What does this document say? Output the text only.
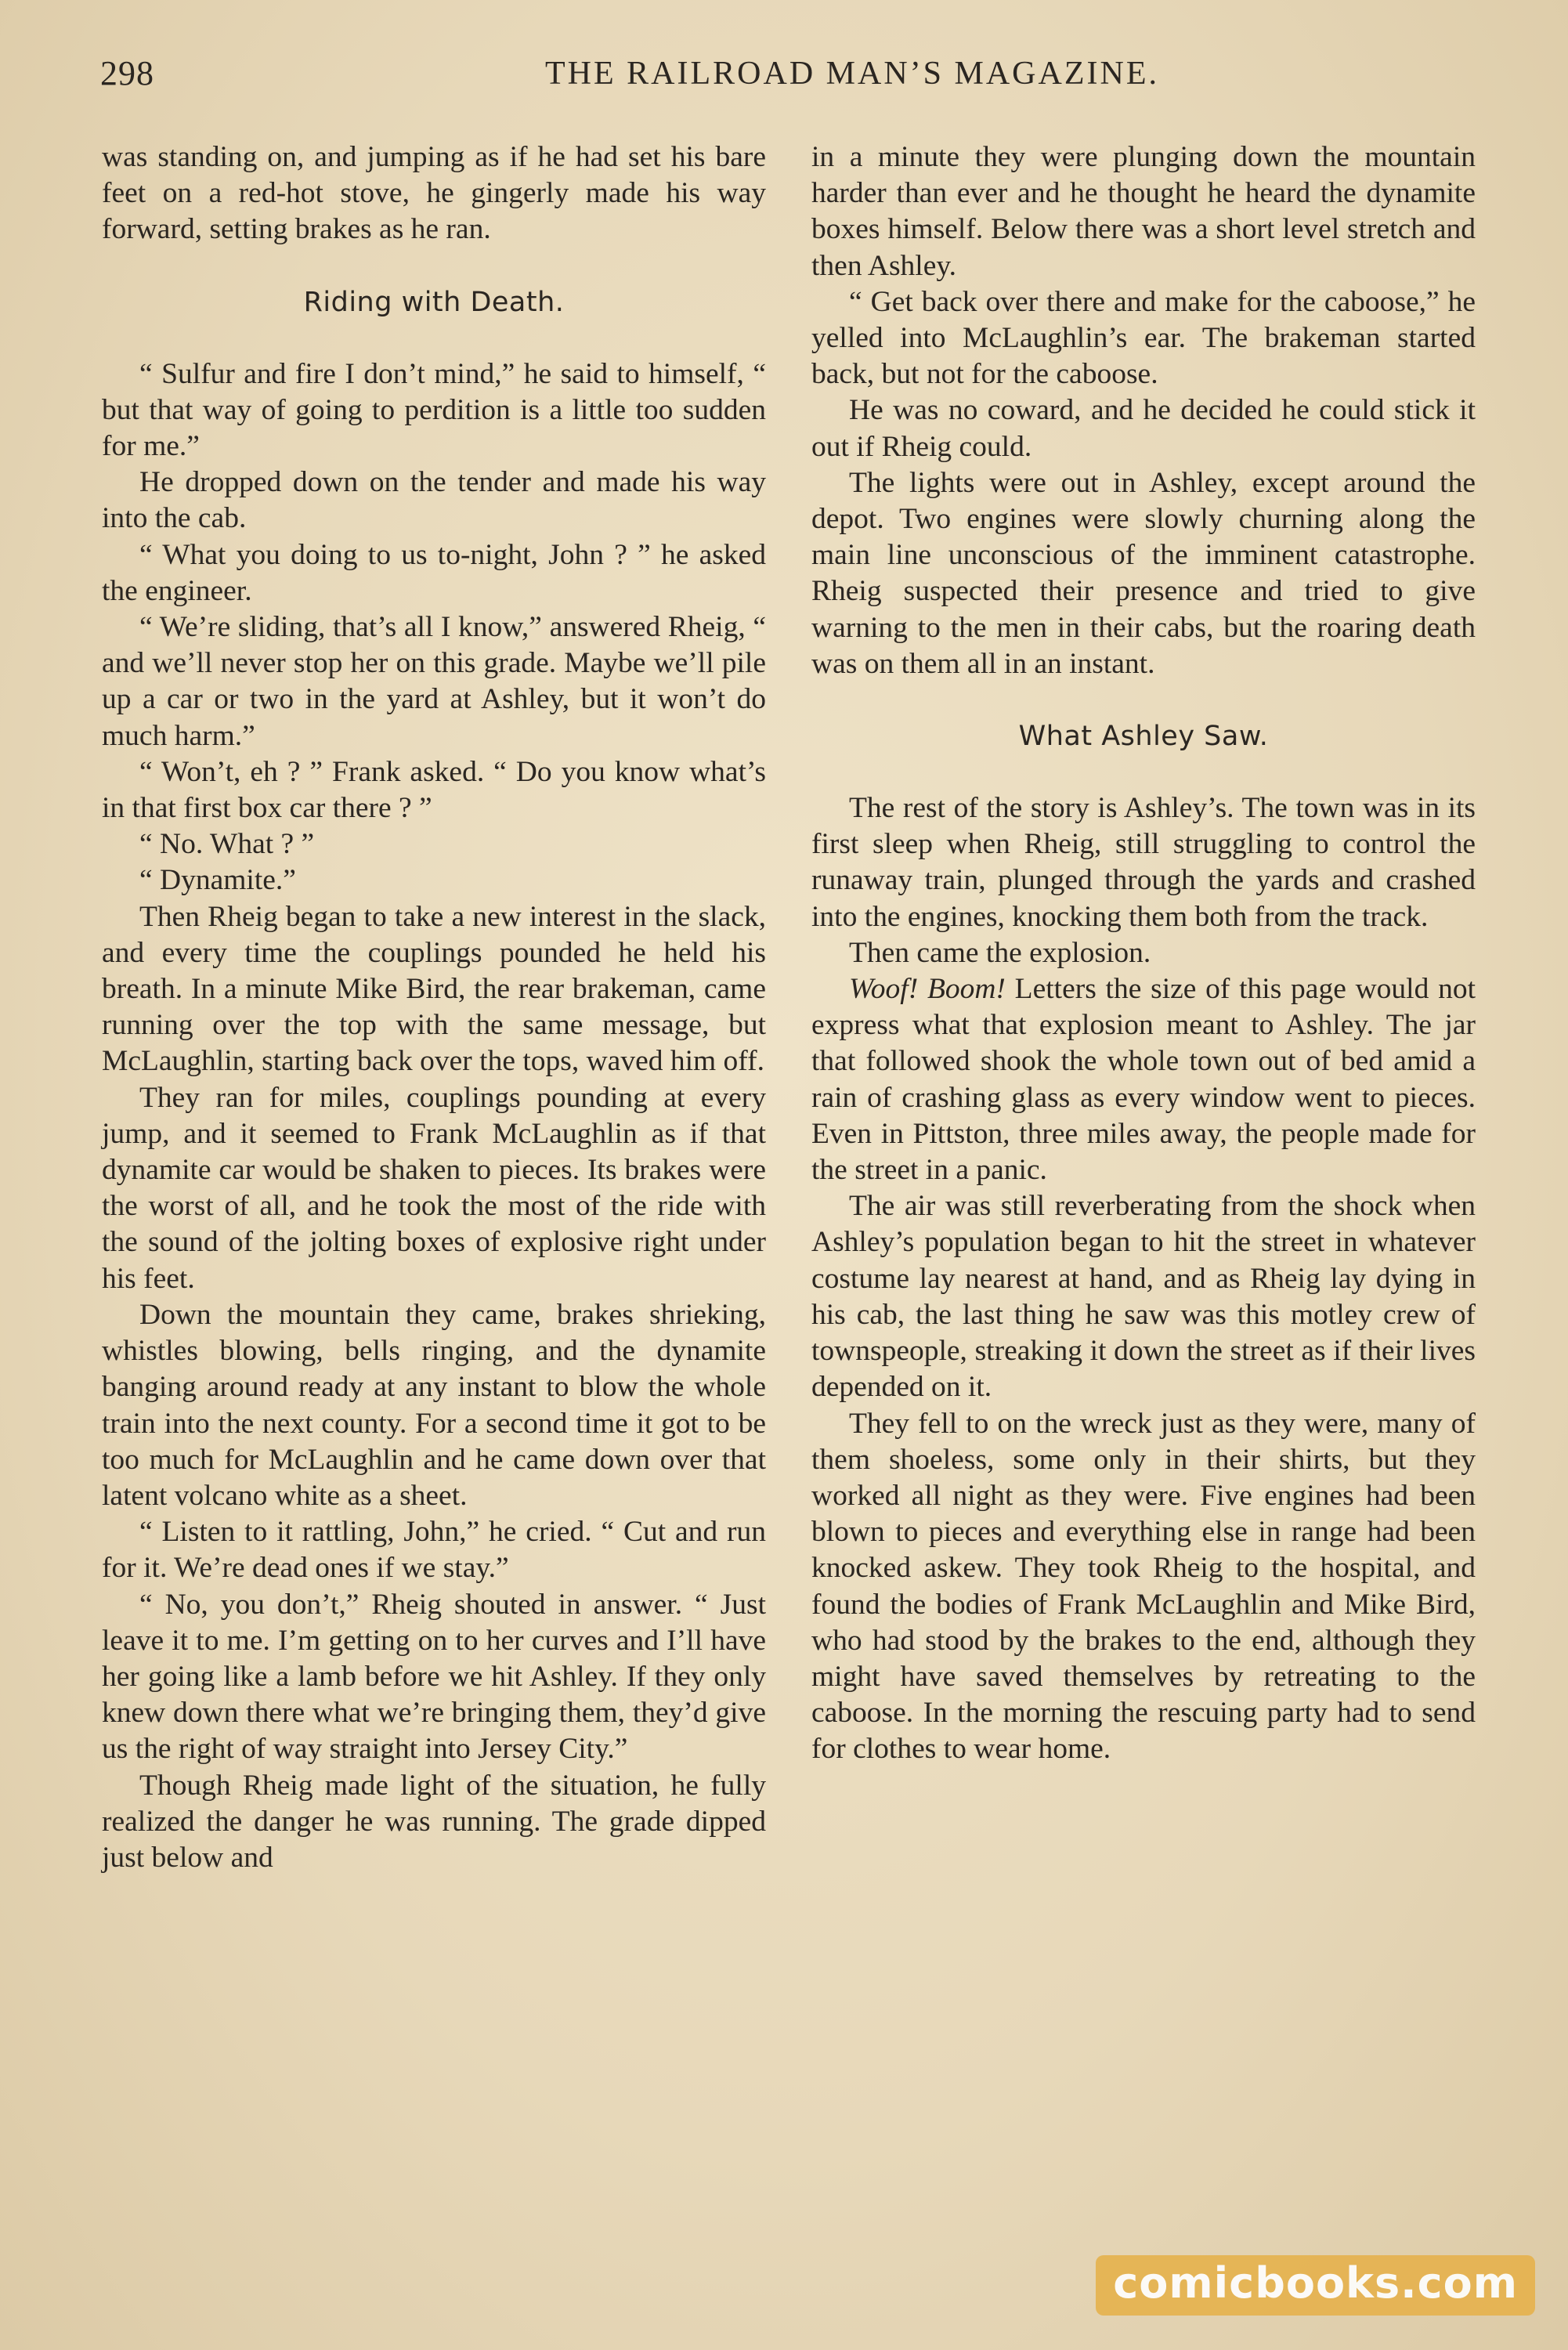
298	THE RAILROAD MAN’S MAGAZINE.

was standing on, and jumping as if he had set his bare feet on a red-hot stove, he gingerly made his way forward, setting brakes as he ran.

Riding with Death.

“ Sulfur and fire I don’t mind,” he said to himself, “ but that way of going to perdition is a little too sudden for me.”

He dropped down on the tender and made his way into the cab.

“ What you doing to us to-night, John ? ” he asked the engineer.

“ We’re sliding, that’s all I know,” answered Rheig, “ and we’ll never stop her on this grade. Maybe we’ll pile up a car or two in the yard at Ashley, but it won’t do much harm.”

“ Won’t, eh ? ” Frank asked. “ Do you know what’s in that first box car there ? ”

“ No. What ? ”

“ Dynamite.”

Then Rheig began to take a new interest in the slack, and every time the couplings pounded he held his breath. In a minute Mike Bird, the rear brakeman, came running over the top with the same message, but McLaughlin, starting back over the tops, waved him off.

They ran for miles, couplings pounding at every jump, and it seemed to Frank McLaughlin as if that dynamite car would be shaken to pieces. Its brakes were the worst of all, and he took the most of the ride with the sound of the jolting boxes of explosive right under his feet.

Down the mountain they came, brakes shrieking, whistles blowing, bells ringing, and the dynamite banging around ready at any instant to blow the whole train into the next county. For a second time it got to be too much for McLaughlin and he came down over that latent volcano white as a sheet.

“ Listen to it rattling, John,” he cried. “ Cut and run for it. We’re dead ones if we stay.”

“ No, you don’t,” Rheig shouted in answer. “ Just leave it to me. I’m getting on to her curves and I’ll have her going like a lamb before we hit Ashley. If they only knew down there what we’re bringing them, they’d give us the right of way straight into Jersey City.”

Though Rheig made light of the situation, he fully realized the danger he was running. The grade dipped just below and

in a minute they were plunging down the mountain harder than ever and he thought he heard the dynamite boxes himself. Below there was a short level stretch and then Ashley.

“ Get back over there and make for the caboose,” he yelled into McLaughlin’s ear. The brakeman started back, but not for the caboose.

He was no coward, and he decided he could stick it out if Rheig could.

The lights were out in Ashley, except around the depot. Two engines were slowly churning along the main line unconscious of the imminent catastrophe. Rheig suspected their presence and tried to give warning to the men in their cabs, but the roaring death was on them all in an instant.

What Ashley Saw.

The rest of the story is Ashley’s. The town was in its first sleep when Rheig, still struggling to control the runaway train, plunged through the yards and crashed into the engines, knocking them both from the track.

Then came the explosion.

Woof! Boom! Letters the size of this page would not express what that explosion meant to Ashley. The jar that followed shook the whole town out of bed amid a rain of crashing glass as every window went to pieces. Even in Pittston, three miles away, the people made for the street in a panic.

The air was still reverberating from the shock when Ashley’s population began to hit the street in whatever costume lay nearest at hand, and as Rheig lay dying in his cab, the last thing he saw was this motley crew of townspeople, streaking it down the street as if their lives depended on it.

They fell to on the wreck just as they were, many of them shoeless, some only in their shirts, but they worked all night as they were. Five engines had been blown to pieces and everything else in range had been knocked askew. They took Rheig to the hospital, and found the bodies of Frank McLaughlin and Mike Bird, who had stood by the brakes to the end, although they might have saved themselves by retreating to the caboose. In the morning the rescuing party had to send for clothes to wear home.

comicbooks.com
